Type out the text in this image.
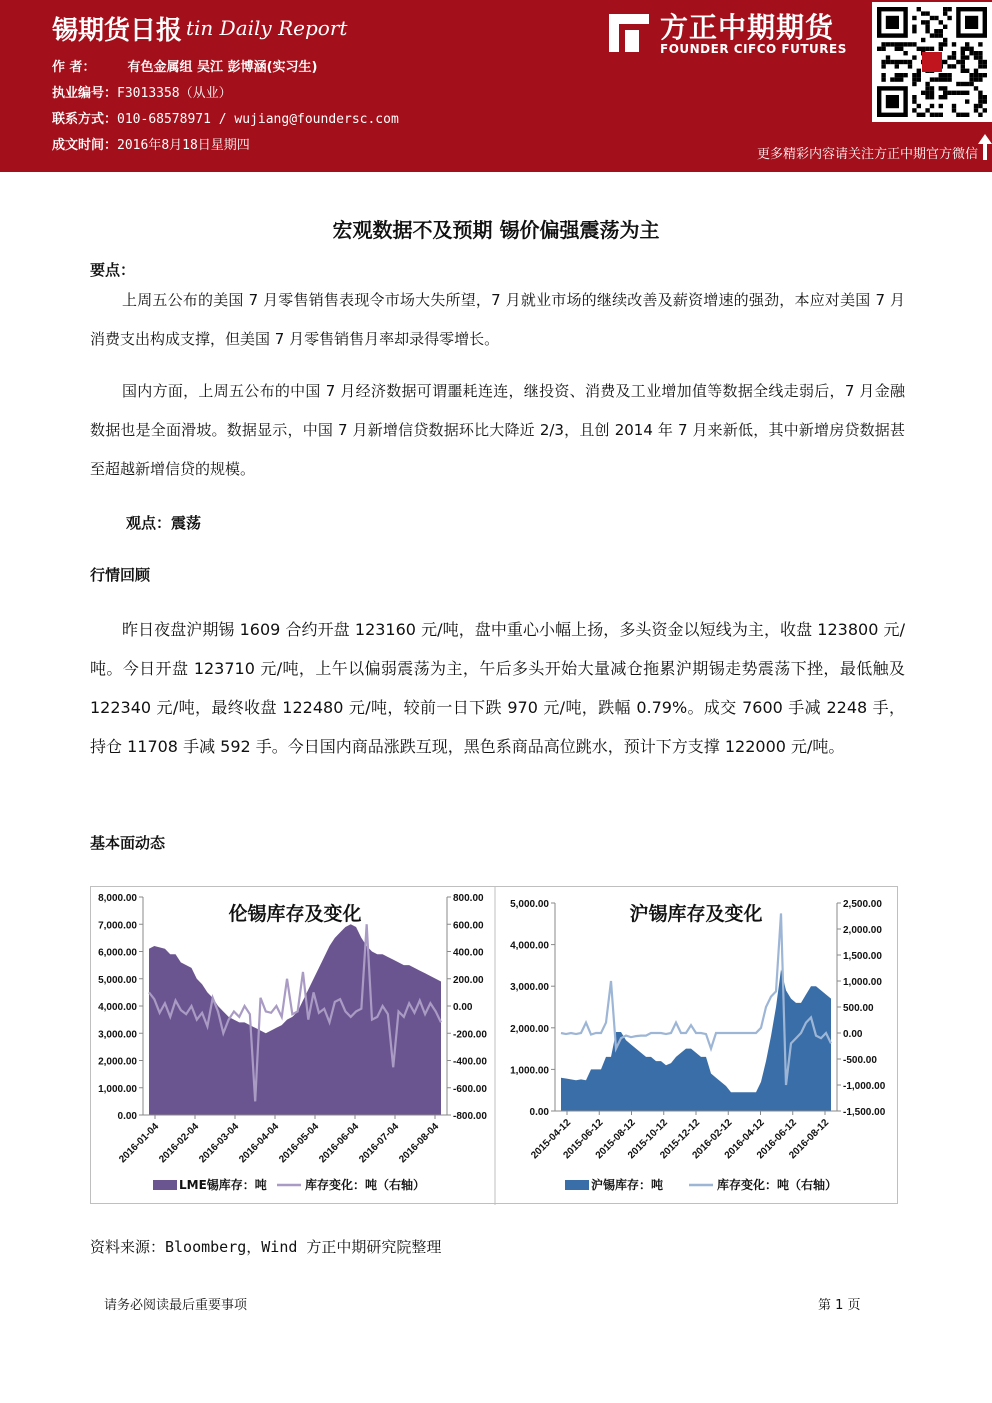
锡期货日报 tin Daily Report
作 者： 有色金属组 吴江 彭博涵(实习生)
执业编号：F3013358（从业）
联系方式：010-68578971 / wujiang@foundersc.com
成文时间：2016年8月18日星期四
方正中期期货
FOUNDER CIFCO FUTURES
更多精彩内容请关注方正中期官方微信
宏观数据不及预期 锡价偏强震荡为主
要点：
上周五公布的美国 7 月零售销售表现令市场大失所望，7 月就业市场的继续改善及薪资增速的强劲，本应对美国 7 月消费支出构成支撑，但美国 7 月零售销售月率却录得零增长。
国内方面，上周五公布的中国 7 月经济数据可谓噩耗连连，继投资、消费及工业增加值等数据全线走弱后，7 月金融数据也是全面滑坡。数据显示，中国 7 月新增信贷数据环比大降近 2/3，且创 2014 年 7 月来新低，其中新增房贷数据甚至超越新增信贷的规模。
观点：震荡
行情回顾
昨日夜盘沪期锡 1609 合约开盘 123160 元/吨，盘中重心小幅上扬，多头资金以短线为主，收盘 123800 元/吨。今日开盘 123710 元/吨，上午以偏弱震荡为主，午后多头开始大量减仓拖累沪期锡走势震荡下挫，最低触及 122340 元/吨，最终收盘 122480 元/吨，较前一日下跌 970 元/吨，跌幅 0.79%。成交 7600 手减 2248 手，持仓 11708 手减 592 手。今日国内商品涨跌互现，黑色系商品高位跳水，预计下方支撑 122000 元/吨。
基本面动态
8,000.00
7,000.00
6,000.00
5,000.00
4,000.00
3,000.00
2,000.00
1,000.00
0.00
800.00
600.00
400.00
200.00
0.00
-200.00
-400.00
-600.00
-800.00
2016-01-04
2016-02-04
2016-03-04
2016-04-04
2016-05-04
2016-06-04
2016-07-04
2016-08-04
伦锡库存及变化
LME锡库存：吨	库存变化：吨（右轴）
5,000.00
4,000.00
3,000.00
2,000.00
1,000.00
0.00
2,500.00
2,000.00
1,500.00
1,000.00
500.00
0.00
-500.00
-1,000.00
-1,500.00
2015-04-12
2015-06-12
2015-08-12
2015-10-12
2015-12-12
2016-02-12
2016-04-12
2016-06-12
2016-08-12
沪锡库存及变化
沪锡库存：吨	库存变化：吨（右轴）
资料来源：Bloomberg，Wind 方正中期研究院整理
请务必阅读最后重要事项	第 1 页
